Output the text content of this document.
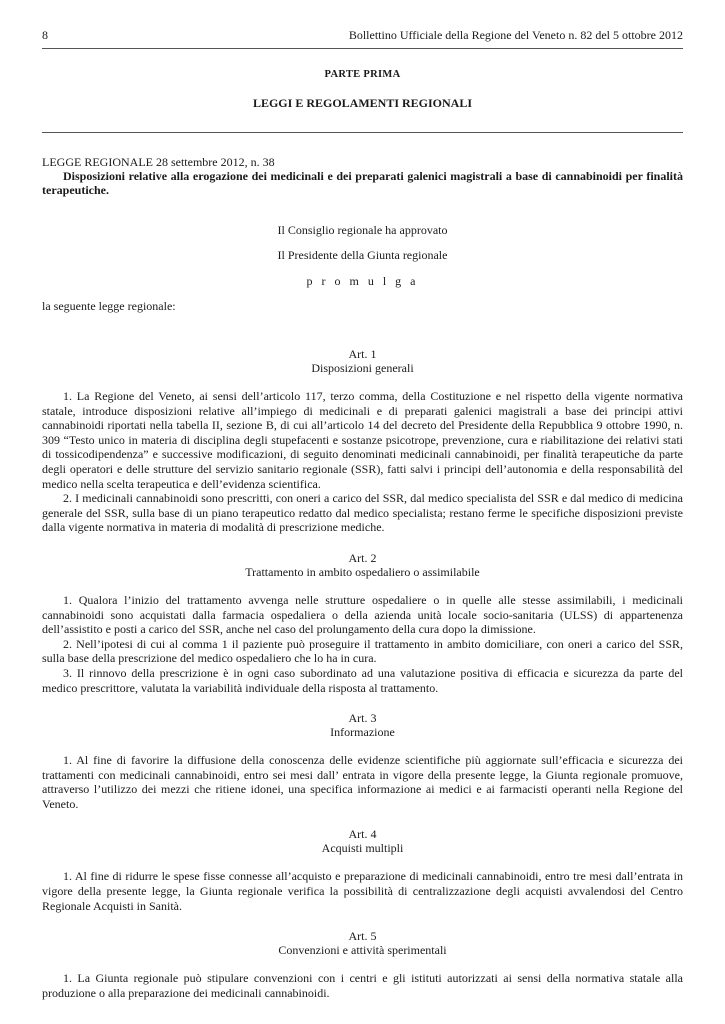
8	Bollettino Ufficiale della Regione del Veneto n. 82 del 5 ottobre 2012
PARTE PRIMA
LEGGI E REGOLAMENTI REGIONALI
LEGGE REGIONALE 28 settembre 2012, n. 38
Disposizioni relative alla erogazione dei medicinali e dei preparati galenici magistrali a base di cannabinoidi per finalità terapeutiche.
Il Consiglio regionale ha approvato
Il Presidente della Giunta regionale
p r o m u l g a
la seguente legge regionale:
Art. 1
Disposizioni generali

1. La Regione del Veneto, ai sensi dell’articolo 117, terzo comma, della Costituzione e nel rispetto della vigente normativa statale, introduce disposizioni relative all’impiego di medicinali e di preparati galenici magistrali a base dei principi attivi cannabinoidi riportati nella tabella II, sezione B, di cui all’articolo 14 del decreto del Presidente della Repubblica 9 ottobre 1990, n. 309 “Testo unico in materia di disciplina degli stupefacenti e sostanze psicotrope, prevenzione, cura e riabilitazione dei relativi stati di tossicodipendenza” e successive modificazioni, di seguito denominati medicinali cannabinoidi, per finalità terapeutiche da parte degli operatori e delle strutture del servizio sanitario regionale (SSR), fatti salvi i principi dell’autonomia e della responsabilità del medico nella scelta terapeutica e dell’evidenza scientifica.

2. I medicinali cannabinoidi sono prescritti, con oneri a carico del SSR, dal medico specialista del SSR e dal medico di medicina generale del SSR, sulla base di un piano terapeutico redatto dal medico specialista; restano ferme le specifiche disposizioni previste dalla vigente normativa in materia di modalità di prescrizione mediche.

Art. 2
Trattamento in ambito ospedaliero o assimilabile

1. Qualora l’inizio del trattamento avvenga nelle strutture ospedaliere o in quelle alle stesse assimilabili, i medicinali cannabinoidi sono acquistati dalla farmacia ospedaliera o della azienda unità locale socio-sanitaria (ULSS) di appartenenza dell’assistito e posti a carico del SSR, anche nel caso del prolungamento della cura dopo la dimissione.

2. Nell’ipotesi di cui al comma 1 il paziente può proseguire il trattamento in ambito domiciliare, con oneri a carico del SSR, sulla base della prescrizione del medico ospedaliero che lo ha in cura.

3. Il rinnovo della prescrizione è in ogni caso subordinato ad una valutazione positiva di efficacia e sicurezza da parte del medico prescrittore, valutata la variabilità individuale della risposta al trattamento.

Art. 3
Informazione

1. Al fine di favorire la diffusione della conoscenza delle evidenze scientifiche più aggiornate sull’efficacia e sicurezza dei trattamenti con medicinali cannabinoidi, entro sei mesi dall’ entrata in vigore della presente legge, la Giunta regionale promuove, attraverso l’utilizzo dei mezzi che ritiene idonei, una specifica informazione ai medici e ai farmacisti operanti nella Regione del Veneto.

Art. 4
Acquisti multipli

1. Al fine di ridurre le spese fisse connesse all’acquisto e preparazione di medicinali cannabinoidi, entro tre mesi dall’entrata in vigore della presente legge, la Giunta regionale verifica la possibilità di centralizzazione degli acquisti avvalendosi del Centro Regionale Acquisti in Sanità.

Art. 5
Convenzioni e attività sperimentali

1. La Giunta regionale può stipulare convenzioni con i centri e gli istituti autorizzati ai sensi della normativa statale alla produzione o alla preparazione dei medicinali cannabinoidi.
